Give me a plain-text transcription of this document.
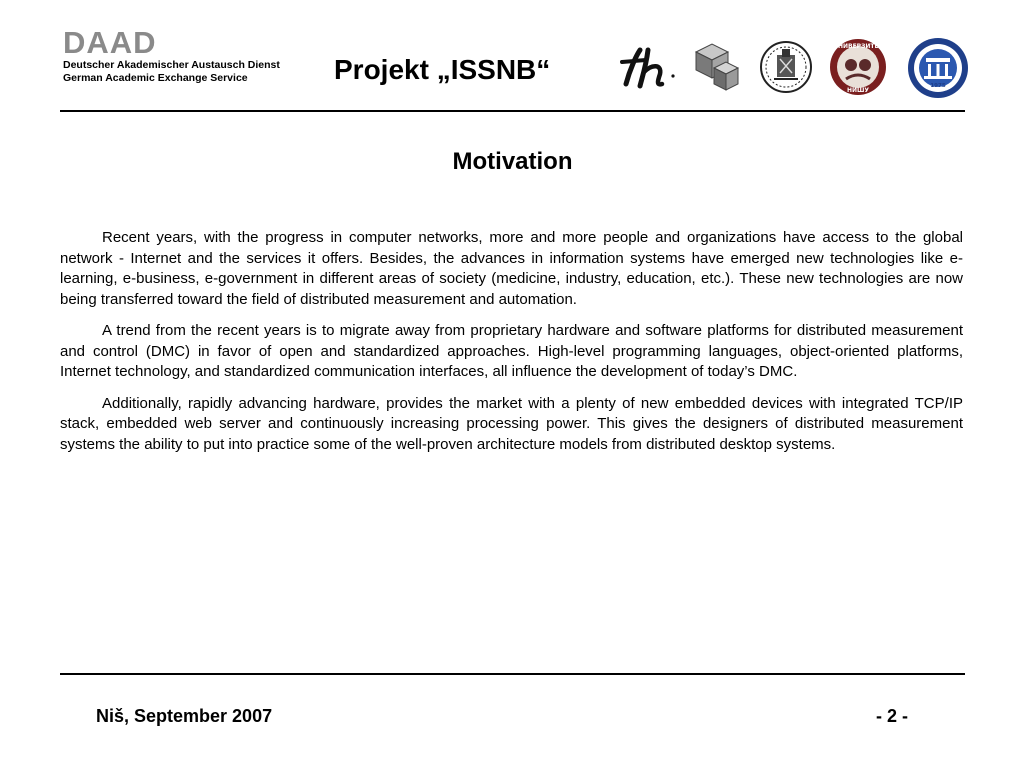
DAAD
Deutscher Akademischer Austausch Dienst
German Academic Exchange Service	Projekt „ISSNB“
УНИВЕРЗИТЕТ
НИШУ
1975
Motivation

Recent years, with the progress in computer networks, more and more people and organizations have access to the global network - Internet and the services it offers. Besides, the advances in information systems have emerged new technologies like e-learning, e-business, e-government in different areas of society (medicine, industry, education, etc.). These new technologies are now being transferred toward the field of distributed measurement and automation.

A trend from the recent years is to migrate away from proprietary hardware and software platforms for distributed measurement and control (DMC) in favor of open and standardized approaches. High-level programming languages, object-oriented platforms, Internet technology, and standardized communication interfaces, all influence the development of today’s DMC.

Additionally, rapidly advancing hardware, provides the market with a plenty of new embedded devices with integrated TCP/IP stack, embedded web server and continuously increasing processing power. This gives the designers of distributed measurement systems the ability to put into practice some of the well-proven architecture models from distributed desktop systems.

Niš, September 2007	- 2 -
